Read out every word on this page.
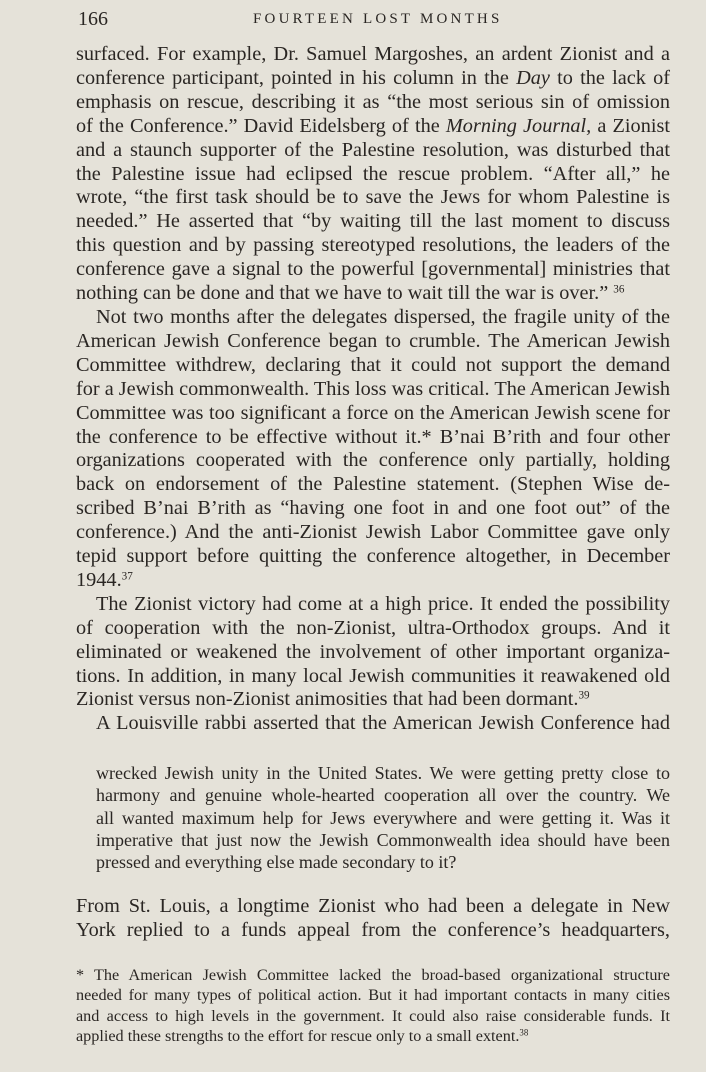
166	FOURTEEN LOST MONTHS
surfaced. For example, Dr. Samuel Margoshes, an ardent Zionist and a
conference participant, pointed in his column in the Day to the lack of
emphasis on rescue, describing it as “the most serious sin of omission
of the Conference.” David Eidelsberg of the Morning Journal, a Zionist
and a staunch supporter of the Palestine resolution, was disturbed that
the Palestine issue had eclipsed the rescue problem. “After all,” he
wrote, “the first task should be to save the Jews for whom Palestine is
needed.” He asserted that “by waiting till the last moment to discuss
this question and by passing stereotyped resolutions, the leaders of the
conference gave a signal to the powerful [governmental] ministries that
nothing can be done and that we have to wait till the war is over.” $^{36}$
Not two months after the delegates dispersed, the fragile unity of the
American Jewish Conference began to crumble. The American Jewish
Committee withdrew, declaring that it could not support the demand
for a Jewish commonwealth. This loss was critical. The American Jewish
Committee was too significant a force on the American Jewish scene for
the conference to be effective without it.* B’nai B’rith and four other
organizations cooperated with the conference only partially, holding
back on endorsement of the Palestine statement. (Stephen Wise de-
scribed B’nai B’rith as “having one foot in and one foot out” of the
conference.) And the anti-Zionist Jewish Labor Committee gave only
tepid support before quitting the conference altogether, in December
1944.37
The Zionist victory had come at a high price. It ended the possibility
of cooperation with the non-Zionist, ultra-Orthodox groups. And it
eliminated or weakened the involvement of other important organiza-
tions. In addition, in many local Jewish communities it reawakened old
Zionist versus non-Zionist animosities that had been dormant.$^{39}$
A Louisville rabbi asserted that the American Jewish Conference had
wrecked Jewish unity in the United States. We were getting pretty close to
harmony and genuine whole-hearted cooperation all over the country. We
all wanted maximum help for Jews everywhere and were getting it. Was it
imperative that just now the Jewish Commonwealth idea should have been
pressed and everything else made secondary to it?
From St. Louis, a longtime Zionist who had been a delegate in New
York replied to a funds appeal from the conference’s headquarters,
* The American Jewish Committee lacked the broad-based organizational structure
needed for many types of political action. But it had important contacts in many cities
and access to high levels in the government. It could also raise considerable funds. It
applied these strengths to the effort for rescue only to a small extent.$^{38}$
